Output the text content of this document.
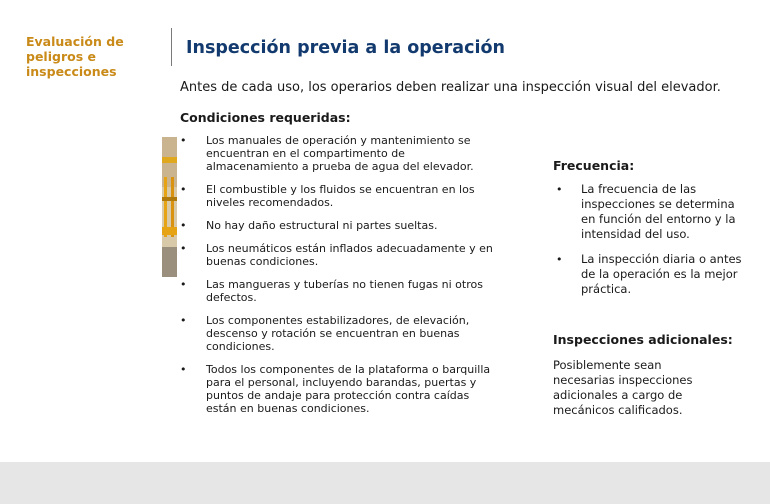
Evaluación de peligros e inspecciones
Inspección previa a la operación
Antes de cada uso, los operarios deben realizar una inspección visual del elevador.
Condiciones requeridas:
• Los manuales de operación y mantenimiento se encuentran en el compartimento de almacenamiento a prueba de agua del elevador.
• El combustible y los fluidos se encuentran en los niveles recomendados.
• No hay daño estructural ni partes sueltas.
• Los neumáticos están inflados adecuadamente y en buenas condiciones.
• Las mangueras y tuberías no tienen fugas ni otros defectos.
• Los componentes estabilizadores, de elevación, descenso y rotación se encuentran en buenas condiciones.
• Todos los componentes de la plataforma o barquilla para el personal, incluyendo barandas, puertas y puntos de andaje para protección contra caídas están en buenas condiciones.
Frecuencia:
• La frecuencia de las inspecciones se determina en función del entorno y la intensidad del uso.
• La inspección diaria o antes de la operación es la mejor práctica.
Inspecciones adicionales:
Posiblemente sean necesarias inspecciones adicionales a cargo de mecánicos calificados.
